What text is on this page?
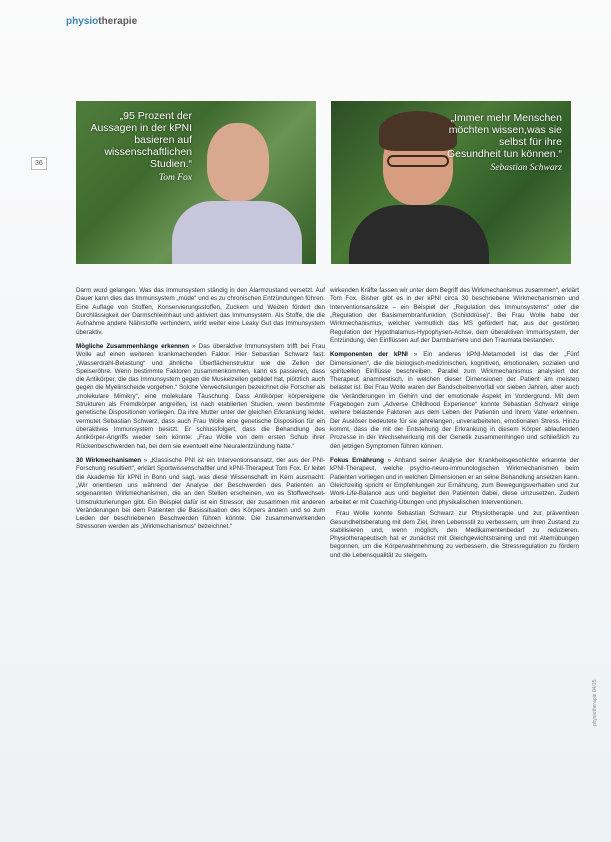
physiotherapie
36

„95 Prozent der Aussagen in der kPNI basieren auf wissenschaftlichen Studien.“

Tom Fox

„Immer mehr Menschen möchten wissen,was sie selbst für ihre Gesundheit tun können.“

Sebastian Schwarz

Darm wurd gelangen. Was das Immunsystem ständig in den Alarmzustand versetzt. Auf Dauer kann dies das Immunsystem „müde“ und es zu chronischen Entzündungen führen. Eine Auflage von Stoffen, Konservierungsstoffen, Zuckern und Weizen fördert den Durchlässigkeit der Darmschleimhaut und aktiviert das Immunsystem. Als Stoffe, die die Aufnahme andere Nährstoffe verhindern, wirkt weiter eine Leaky Gut das Immunsystem überaktiv.

Mögliche Zusammenhänge erkennen » Das überaktive Immunsystem trifft bei Frau Wolle auf einen weiteren krankmachenden Faktor. Hier Sebastian Schwarz fast: „Wasserdrahl-Belastung“ und ähnliche Überflächenstruktur wie die Zellen der Speiseröhre. Wenn bestimmte Faktoren zusammenkommen, kann es passieren, dass die Antikörper, die das Immunsystem gegen die Muskelzellen gebildet hat, plötzlich auch gegen die Myelinscheide vorgehen.“ Solche Verwechslungen bezeichnet die Forscher als „molekulare Mimikry“, eine molekulare Täuschung. Dass Antikörper körpereigene Strukturen als Fremdkörper angreifen, ist nach etablierten Studien, wenn bestimmte genetische Dispositionen vorliegen. Da ihre Mutter unter der gleichen Erkrankung leidet, vermutet Sebastian Schwarz, dass auch Frau Wolle eine genetische Disposition für ein überaktives Immunsystem besitzt. Er schlussfolgert, dass die Behandlung des Antikörper-Angriffs wieder sein könnte: „Frau Wolle von dem ersten Schub ihrer Rückenbeschwerden hat, bei dem sie eventuell eine Neuralentzündung hatte.“

30 Wirkmechanismen » „Klassische PNI ist ein Interventionsansatz, der aus der PNI-Forschung resultiert“, erklärt Sportwissenschaftler und kPNI-Therapeut Tom Fox. Er leitet die Akademie für kPNI in Bonn und sagt, was diese Wissenschaft im Kern ausmacht: „Wir orientieren uns während der Analyse der Beschwerden des Patienten an sogenannten Wirkmechanismen, die an den Stellen erscheinen, wo es Stoffwechsel-Umstrukturierungen gibt. Ein Beispiel dafür ist ein Stressor, der zusammen mit anderen Veränderungen bei dem Patienten die Basissituation des Körpers ändern und so zum Leiden der beschriebenen Beschwerden führen könnte. Die zusammenwirkenden Stressoren werden als „Wirkmechanismus“ bezeichnet.“

wirkenden Kräfte fassen wir unter dem Begriff des Wirkmechanismus zusammen“, erklärt Tom Fox. Bisher gibt es in der kPNI circa 30 beschriebene Wirkmechanismen und Interventionsansätze – ein Beispiel der „Regulation des Immunsystems“ oder die „Regulation der Basismembranfunktion (Schilddrüse)“. Bei Frau Wolle habe der Wirkmechanismus, welcher vermutlich das MS gefördert hat, aus der gestörten Regulation der Hypothalamus-Hypophysen-Achse, dem überaktiven Immunsystem, der Entzündung, den Einflüssen auf der Darmbarriere und den Traumata bestanden.

Komponenten der kPNI » Ein anderes kPNI-Metamodell ist das der „Fünf Dimensionen“, die die biologisch-medizinischen, kognitiven, emotionalen, sozialen und spirituellen Einflüsse beschreiben. Parallel zum Wirkmechanismus analysiert der Therapeut anamnestisch, in welchen dieser Dimensionen der Patient am meisten belastet ist. Bei Frau Wolle waren der Bandscheibenvorfall vor sieben Jahren, aber auch die Veränderungen im Gehirn und der emotionale Aspekt im Vordergrund. Mit dem Fragebogen zum „Adverse Childhood Experience“ konnte Sebastian Schwarz einige weitere belastende Faktoren aus dem Leben der Patientin und ihrem Vater erkennen. Der Auslöser bedeutete für sie jahrelangen, unverarbeiteten, emotionalen Stress. Hinzu kommt, dass die mit der Entstehung der Erkrankung in diesem Körper ablaufenden Prozesse in der Wechselwirkung mit der Genetik zusammenhingen und schließlich zu den jetzigen Symptomen führen können.

Fokus Ernährung » Anhand seiner Analyse der Krankheitsgeschichte erkannte der kPNI-Therapeut, welche psycho-neuro-immunologischen Wirkmechanismen beim Patienten vorliegen und in welchen Dimensionen er an seine Behandlung ansetzen kann. Gleichzeitig spricht er Empfehlungen zur Ernährung, zum Bewegungsverhalten und zur Work-Life-Balance aus und begleitet den Patienten dabei, diese umzusetzen. Zudem arbeitet er mit Coaching-Übungen und physikalischen Interventionen.

Frau Wolle konnte Sebastian Schwarz zur Physiotherapie und zur präventiven Gesundheitsberatung mit dem Ziel, ihren Lebensstil zu verbessern, um ihren Zustand zu stabilisieren und, wenn möglich, den Medikamentenbedarf zu reduzieren. Physiotherapeutisch hat er zunächst mit Gleichgewichtstraining und mit Atemübungen begonnen, um die Körperwahrnehmung zu verbessern, die Stressregulation zu fördern und die Lebensqualität zu steigern.

physiotherapie 04/15
